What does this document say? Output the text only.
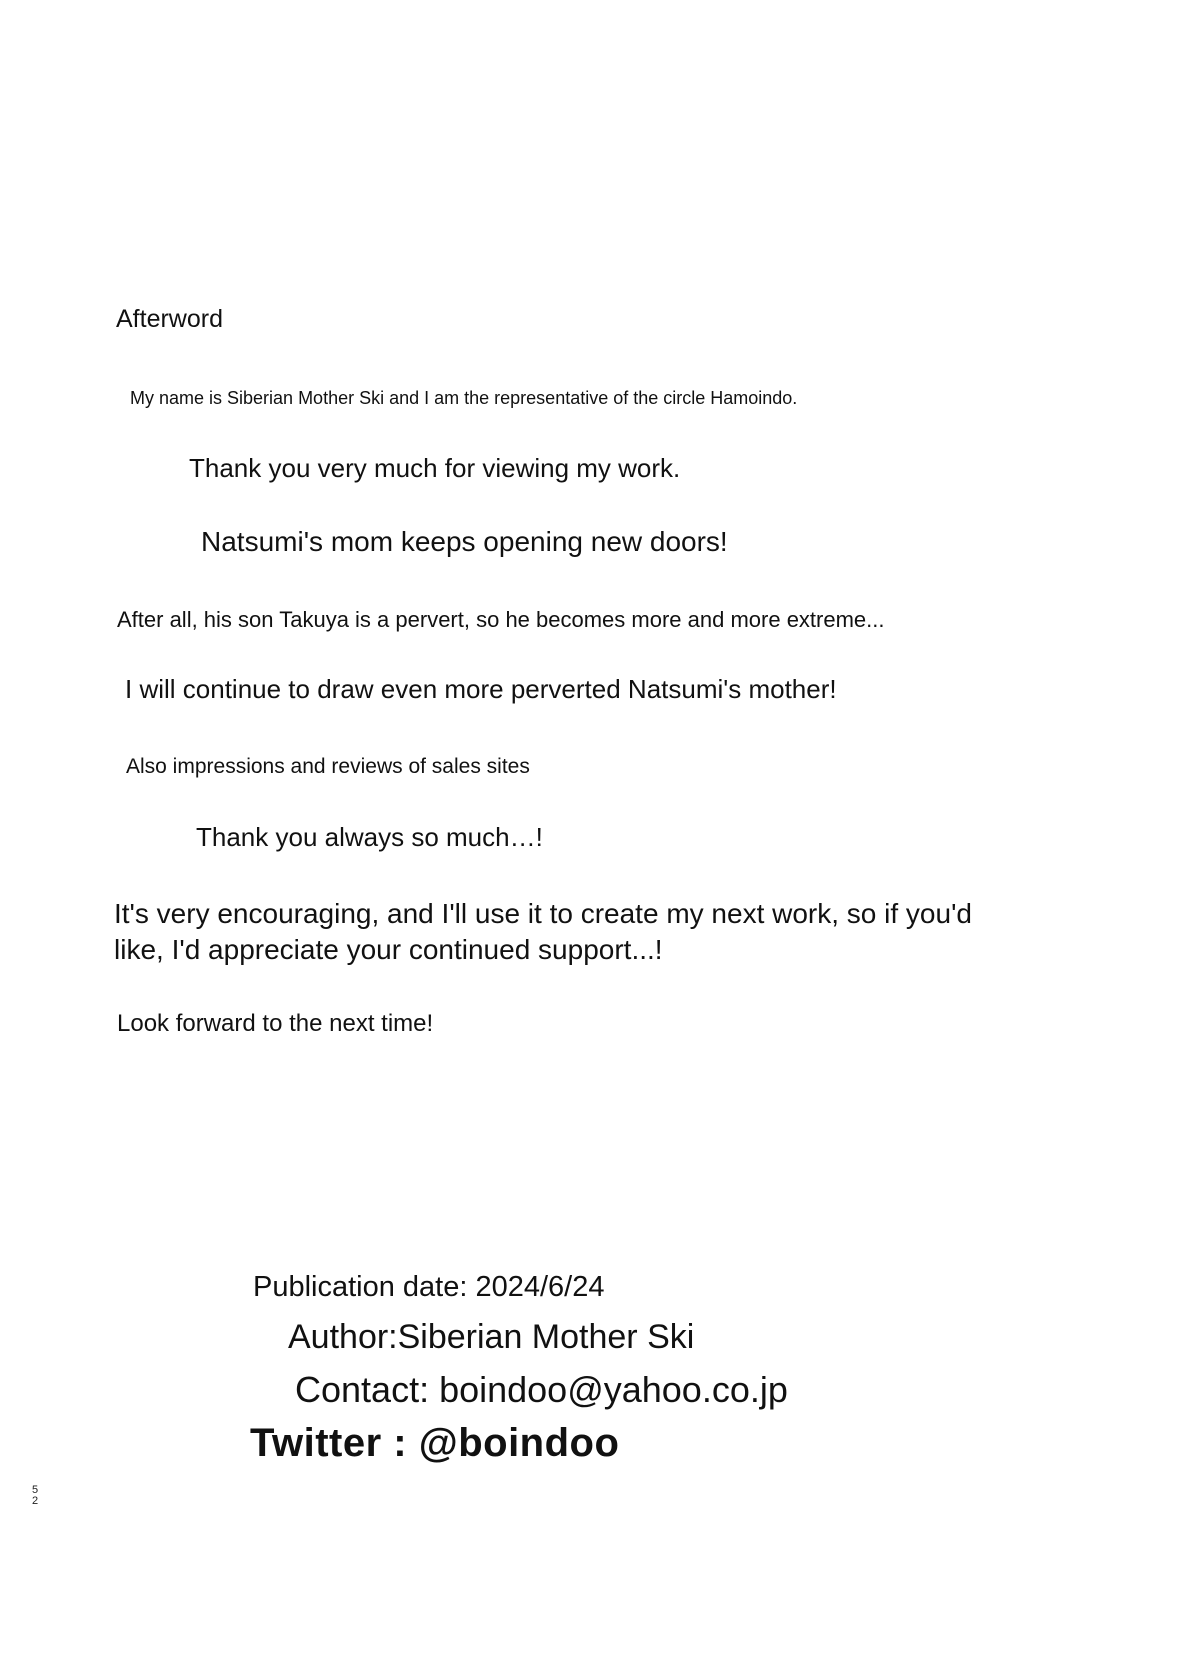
Afterword
My name is Siberian Mother Ski and I am the representative of the circle Hamoindo.
Thank you very much for viewing my work.
Natsumi's mom keeps opening new doors!
After all, his son Takuya is a pervert, so he becomes more and more extreme...
I will continue to draw even more perverted Natsumi's mother!
Also impressions and reviews of sales sites
Thank you always so much…!
It's very encouraging, and I'll use it to create my next work, so if you'd like, I'd appreciate your continued support...!
Look forward to the next time!
Publication date: 2024/6/24
Author:Siberian Mother Ski
Contact: boindoo@yahoo.co.jp
Twitter : @boindoo
52
